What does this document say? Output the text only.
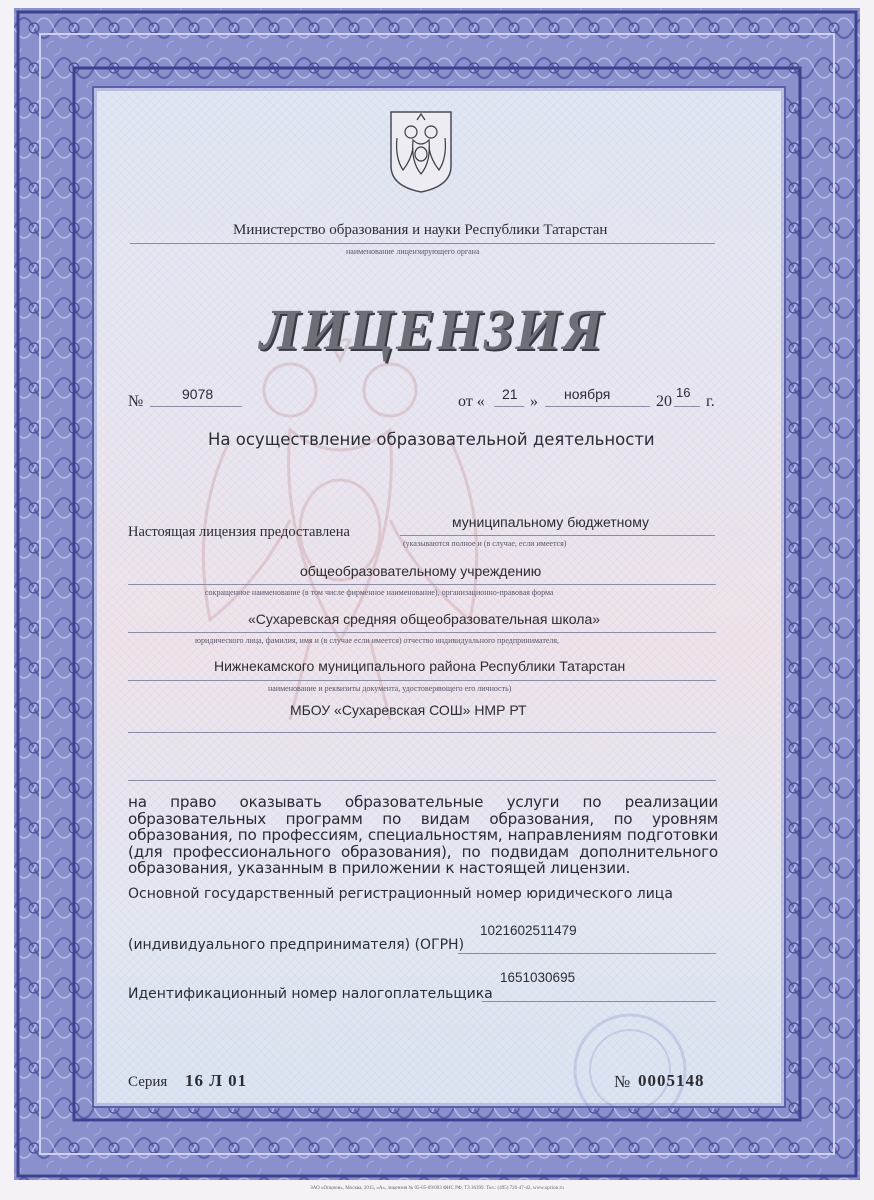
Министерство образования и науки Республики Татарстан
наименование лицензирующего органа
ЛИЦЕНЗИЯ
№	9078	от « 21 » ноября	20
16
г.
На осуществление образовательной деятельности
Настоящая лицензия предоставлена
муниципальному бюджетному
(указываются полное и (в случае, если имеется)
общеобразовательному учреждению
сокращенное наименование (в том числе фирменное наименование), организационно-правовая форма
«Сухаревская средняя общеобразовательная школа»
юридического лица, фамилия, имя и (в случае если имеется) отчество индивидуального предпринимателя,
Нижнекамского муниципального района Республики Татарстан
наименование и реквизиты документа, удостоверяющего его личность)
МБОУ «Сухаревская СОШ» НМР РТ
на право оказывать образовательные услуги по реализации образовательных программ по видам образования, по уровням образования, по профессиям, специальностям, направлениям подготовки (для профессионального образования), по подвидам дополнительного образования, указанным в приложении к настоящей лицензии.
Основной государственный регистрационный номер юридического лица
(индивидуального предпринимателя) (ОГРН)
1021602511479
Идентификационный номер налогоплательщика
1651030695
Серия 16 Л 01	№ 0005148
ЗАО «Опцион», Москва, 2015, «А», лицензия № 05-05-09/003 ФНС РФ, ТЗ 36399. Тел.: (495) 726-47-42, www.opcion.ru
